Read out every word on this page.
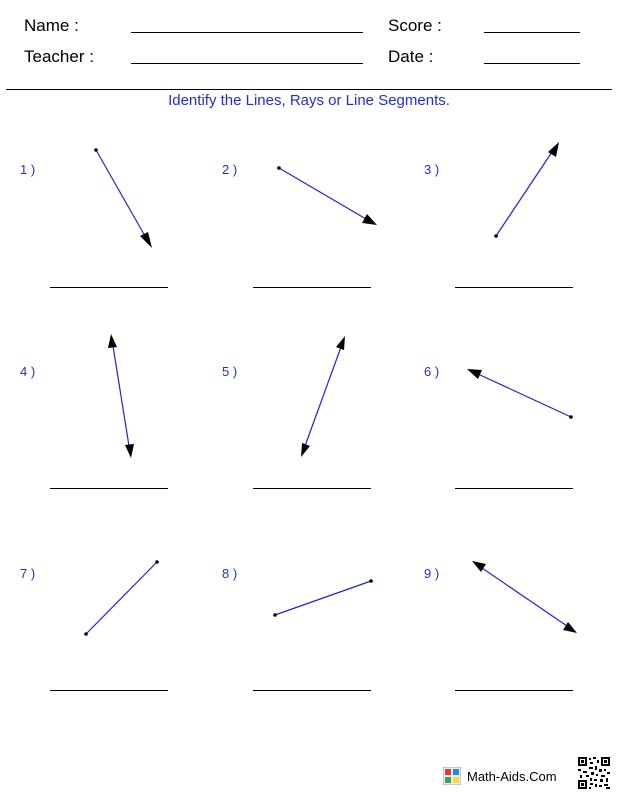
Name :
Teacher :
Score :
Date :
Identify the Lines, Rays or Line Segments.
1 )	2 )	3 )
4 )	5 )	6 )
7 )	8 )	9 )
Math-Aids.Com
